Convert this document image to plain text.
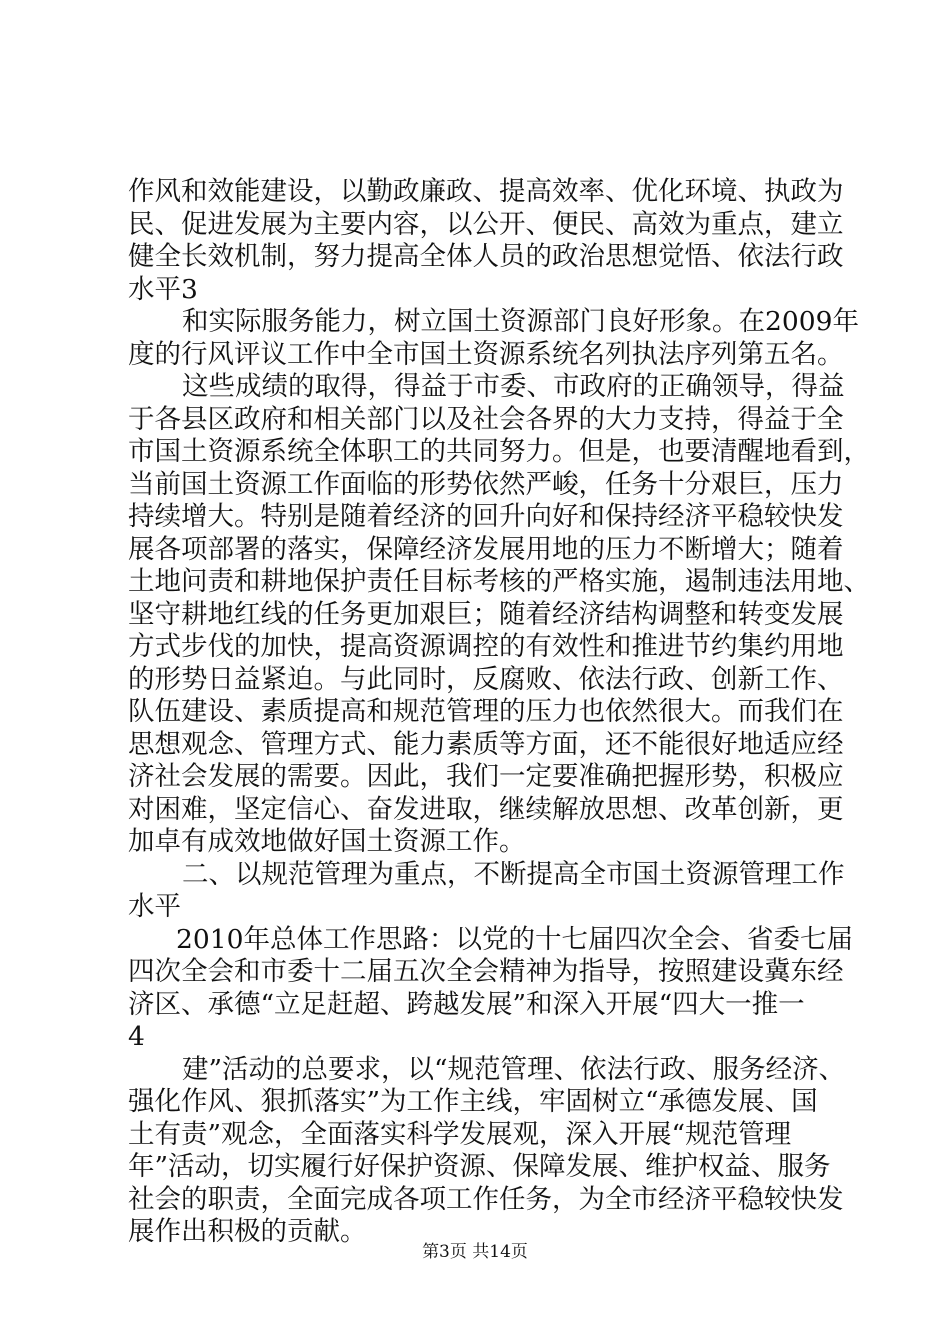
作风和效能建设，以勤政廉政、提高效率、优化环境、执政为
民、促进发展为主要内容，以公开、便民、高效为重点，建立
健全长效机制，努力提高全体人员的政治思想觉悟、依法行政
水平3
和实际服务能力，树立国土资源部门良好形象。在2009年
度的行风评议工作中全市国土资源系统名列执法序列第五名。
这些成绩的取得，得益于市委、市政府的正确领导，得益
于各县区政府和相关部门以及社会各界的大力支持，得益于全
市国土资源系统全体职工的共同努力。但是，也要清醒地看到，
当前国土资源工作面临的形势依然严峻，任务十分艰巨，压力
持续增大。特别是随着经济的回升向好和保持经济平稳较快发
展各项部署的落实，保障经济发展用地的压力不断增大；随着
土地问责和耕地保护责任目标考核的严格实施，遏制违法用地、
坚守耕地红线的任务更加艰巨；随着经济结构调整和转变发展
方式步伐的加快，提高资源调控的有效性和推进节约集约用地
的形势日益紧迫。与此同时，反腐败、依法行政、创新工作、
队伍建设、素质提高和规范管理的压力也依然很大。而我们在
思想观念、管理方式、能力素质等方面，还不能很好地适应经
济社会发展的需要。因此，我们一定要准确把握形势，积极应
对困难，坚定信心、奋发进取，继续解放思想、改革创新，更
加卓有成效地做好国土资源工作。
二、以规范管理为重点，不断提高全市国土资源管理工作
水平
2010年总体工作思路：以党的十七届四次全会、省委七届
四次全会和市委十二届五次全会精神为指导，按照建设冀东经
济区、承德“立足赶超、跨越发展”和深入开展“四大一推一
4
建”活动的总要求，以“规范管理、依法行政、服务经济、
强化作风、狠抓落实”为工作主线，牢固树立“承德发展、国
土有责”观念，全面落实科学发展观，深入开展“规范管理
年”活动，切实履行好保护资源、保障发展、维护权益、服务
社会的职责，全面完成各项工作任务，为全市经济平稳较快发
展作出积极的贡献。
第3页 共14页
